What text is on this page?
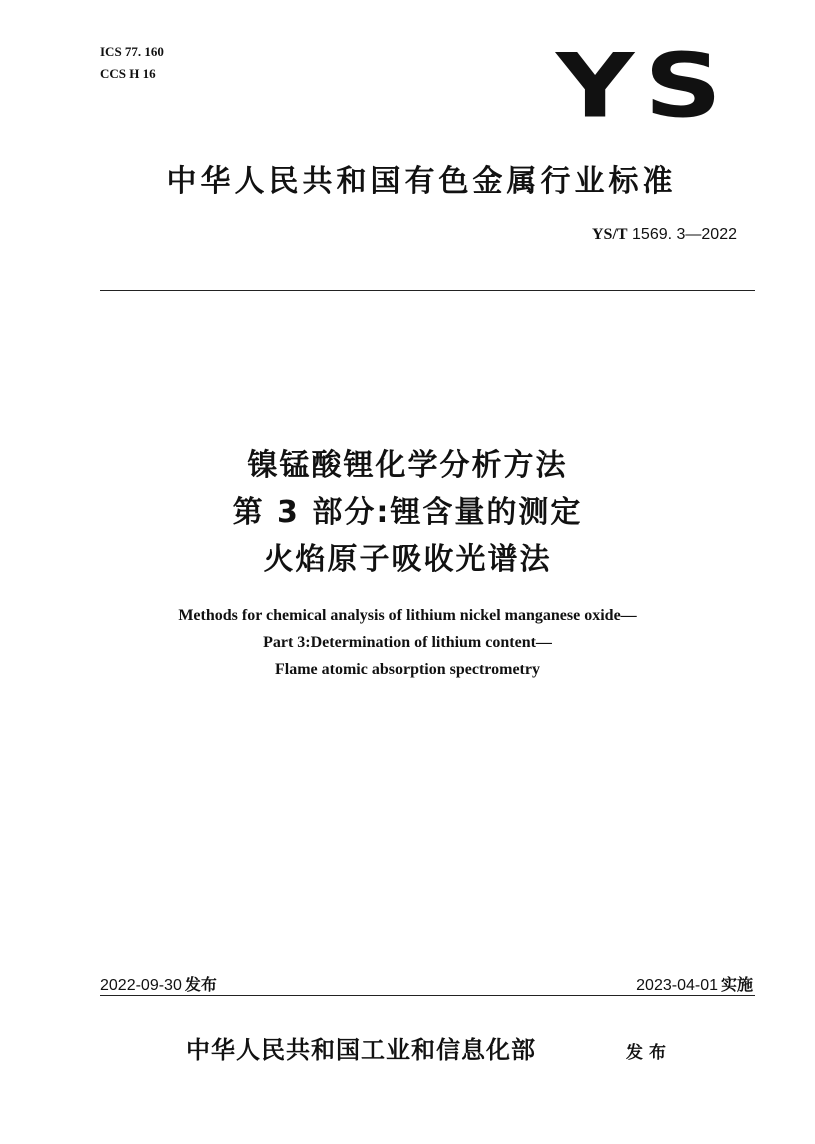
ICS 77. 160
CCS H 16	YS
中华人民共和国有色金属行业标准
YS/T 1569. 3—2022
镍锰酸锂化学分析方法
第 3 部分:锂含量的测定
火焰原子吸收光谱法
Methods for chemical analysis of lithium nickel manganese oxide—
Part 3:Determination of lithium content—
Flame atomic absorption spectrometry
2022-09-30 发布	2023-04-01 实施
中华人民共和国工业和信息化部	发布
